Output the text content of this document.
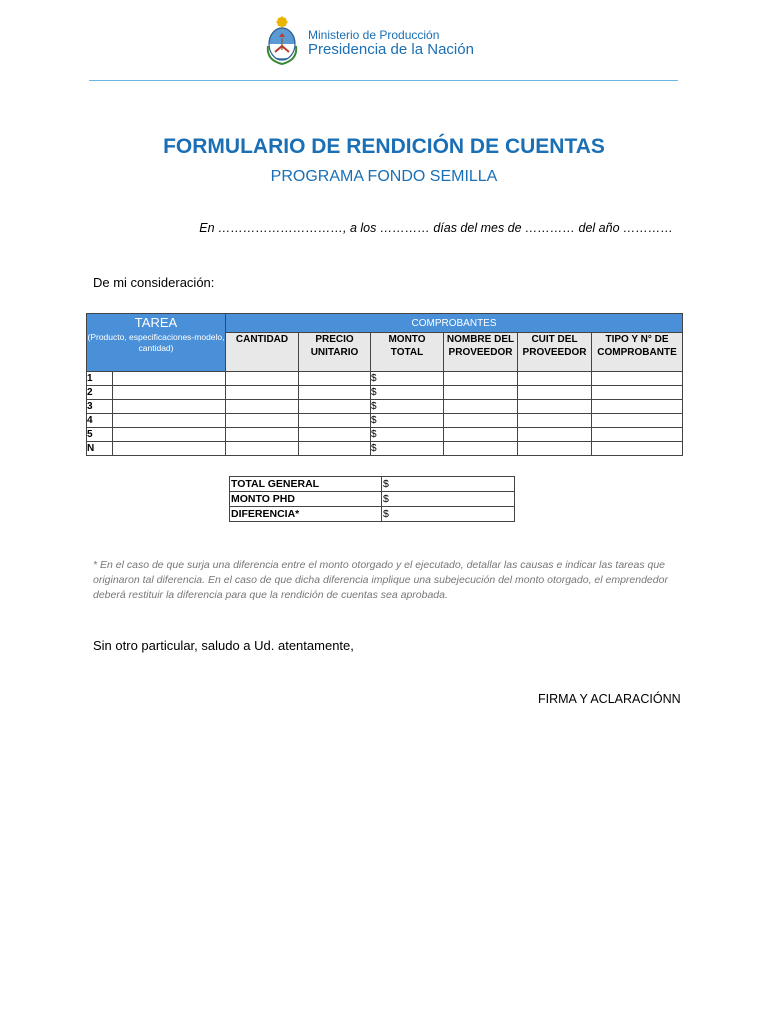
Ministerio de Producción
Presidencia de la Nación
FORMULARIO DE RENDICIÓN DE CUENTAS
PROGRAMA FONDO SEMILLA
En …………………………, a los ………… días del mes de ………… del año …………
De mi consideración:
TAREA
(Producto, especificaciones-modelo, cantidad)		COMPROBANTES					
		CANTIDAD	PRECIO UNITARIO	MONTO TOTAL	NOMBRE DEL PROVEEDOR	CUIT DEL PROVEEDOR	TIPO Y N° DE COMPROBANTE
1				$			
2				$			
3				$			
4				$			
5				$			
N				$			
TOTAL GENERAL	$
MONTO PHD	$
DIFERENCIA*	$
* En el caso de que surja una diferencia entre el monto otorgado y el ejecutado, detallar las causas e indicar las tareas que originaron tal diferencia. En el caso de que dicha diferencia implique una subejecución del monto otorgado, el emprendedor deberá restituir la diferencia para que la rendición de cuentas sea aprobada.
Sin otro particular, saludo a Ud. atentamente,
FIRMA Y ACLARACIÓNN
